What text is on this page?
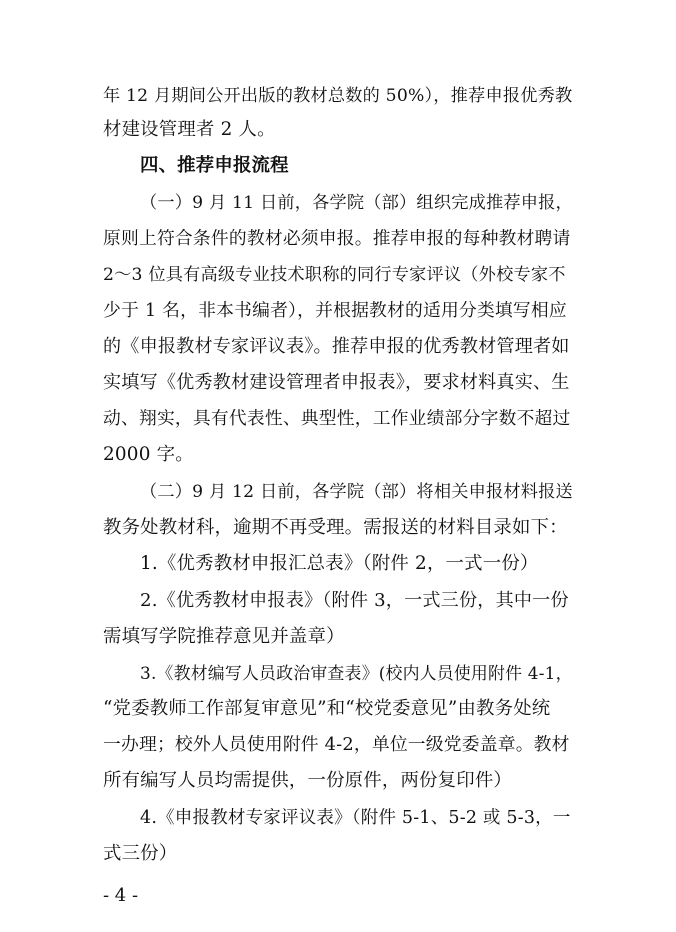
年 12 月期间公开出版的教材总数的 50%），推荐申报优秀教
材建设管理者 2 人。
四、推荐申报流程
（一）9 月 11 日前，各学院（部）组织完成推荐申报，
原则上符合条件的教材必须申报。推荐申报的每种教材聘请
2～3 位具有高级专业技术职称的同行专家评议（外校专家不
少于 1 名，非本书编者），并根据教材的适用分类填写相应
的《申报教材专家评议表》。推荐申报的优秀教材管理者如
实填写《优秀教材建设管理者申报表》，要求材料真实、生
动、翔实，具有代表性、典型性，工作业绩部分字数不超过
2000 字。
（二）9 月 12 日前，各学院（部）将相关申报材料报送
教务处教材科，逾期不再受理。需报送的材料目录如下：
1.《优秀教材申报汇总表》（附件 2，一式一份）
2.《优秀教材申报表》（附件 3，一式三份，其中一份
需填写学院推荐意见并盖章）
3.《教材编写人员政治审查表》(校内人员使用附件 4-1，
“党委教师工作部复审意见”和“校党委意见”由教务处统
一办理；校外人员使用附件 4-2，单位一级党委盖章。教材
所有编写人员均需提供，一份原件，两份复印件）
4.《申报教材专家评议表》（附件 5-1、5-2 或 5-3，一
式三份）
- 4 -
